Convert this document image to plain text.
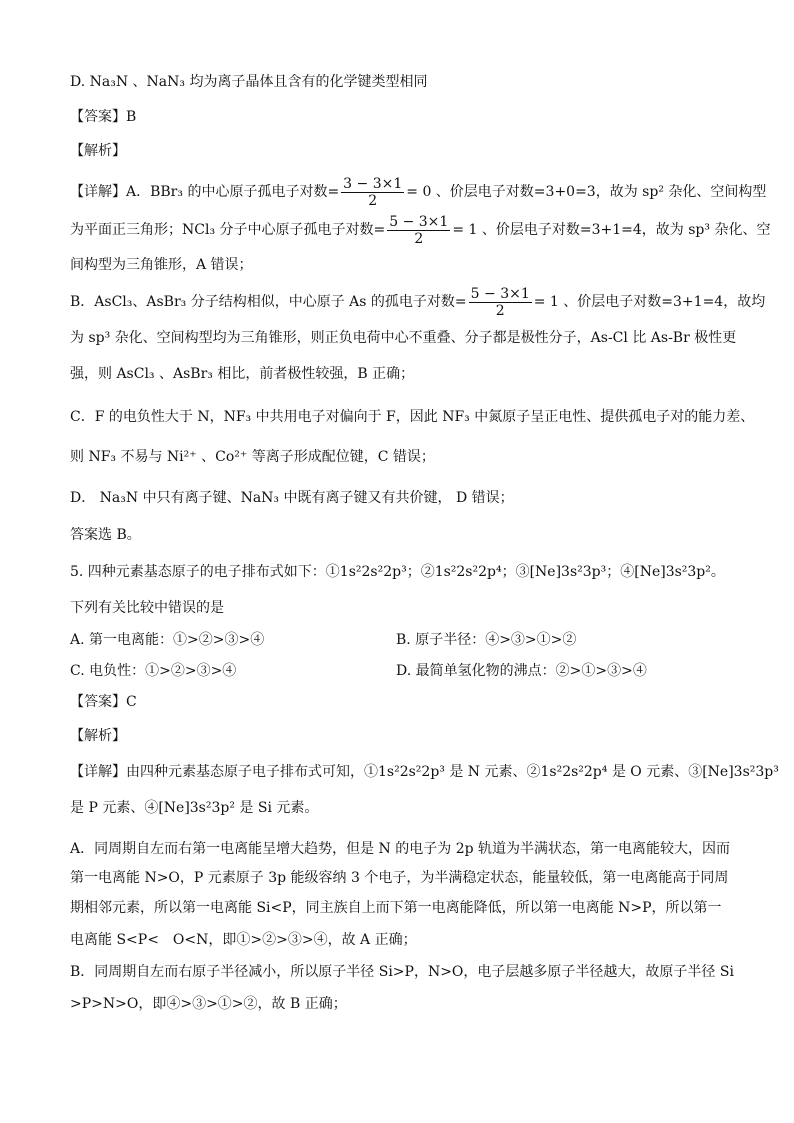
D. Na₃N 、NaN₃ 均为离子晶体且含有的化学键类型相同
【答案】B
【解析】
【详解】A．BBr₃ 的中心原子孤电子对数= $\frac{3 - 3\times 1}{2} = 0$ 、价层电子对数=3+0=3，故为 sp² 杂化、空间构型
为平面正三角形；NCl₃ 分子中心原子孤电子对数= $\frac{5 - 3\times 1}{2} = 1$ 、价层电子对数=3+1=4，故为 sp³ 杂化、空
间构型为三角锥形，A 错误；
B．AsCl₃、AsBr₃ 分子结构相似，中心原子 As 的孤电子对数= $\frac{5 - 3\times 1}{2} = 1$ 、价层电子对数=3+1=4，故均
为 sp³ 杂化、空间构型均为三角锥形，则正负电荷中心不重叠、分子都是极性分子，As-Cl 比 As-Br 极性更
强，则 AsCl₃ 、AsBr₃ 相比，前者极性较强，B 正确；
C．F 的电负性大于 N，NF₃ 中共用电子对偏向于 F，因此 NF₃ 中氮原子呈正电性、提供孤电子对的能力差、
则 NF₃ 不易与 Ni²⁺ 、Co²⁺ 等离子形成配位键，C 错误；
D． Na₃N 中只有离子键、NaN₃ 中既有离子键又有共价键， D 错误；
答案选 B。
5. 四种元素基态原子的电子排布式如下：①1s²2s²2p³；②1s²2s²2p⁴；③[Ne]3s²3p³；④[Ne]3s²3p²。
下列有关比较中错误的是
A. 第一电离能：①>②>③>④	B. 原子半径：④>③>①>②
C. 电负性：①>②>③>④	D. 最简单氢化物的沸点：②>①>③>④
【答案】C
【解析】
【详解】由四种元素基态原子电子排布式可知，①1s²2s²2p³ 是 N 元素、②1s²2s²2p⁴ 是 O 元素、③[Ne]3s²3p³
是 P 元素、④[Ne]3s²3p² 是 Si 元素。
A．同周期自左而右第一电离能呈增大趋势，但是 N 的电子为 2p 轨道为半满状态，第一电离能较大，因而
第一电离能 N>O，P 元素原子 3p 能级容纳 3 个电子，为半满稳定状态，能量较低，第一电离能高于同周
期相邻元素，所以第一电离能 Si<P，同主族自上而下第一电离能降低，所以第一电离能 N>P，所以第一
电离能 S<P<　O<N，即①>②>③>④，故 A 正确；
B．同周期自左而右原子半径减小，所以原子半径 Si>P，N>O，电子层越多原子半径越大，故原子半径 Si
>P>N>O，即④>③>①>②，故 B 正确；
